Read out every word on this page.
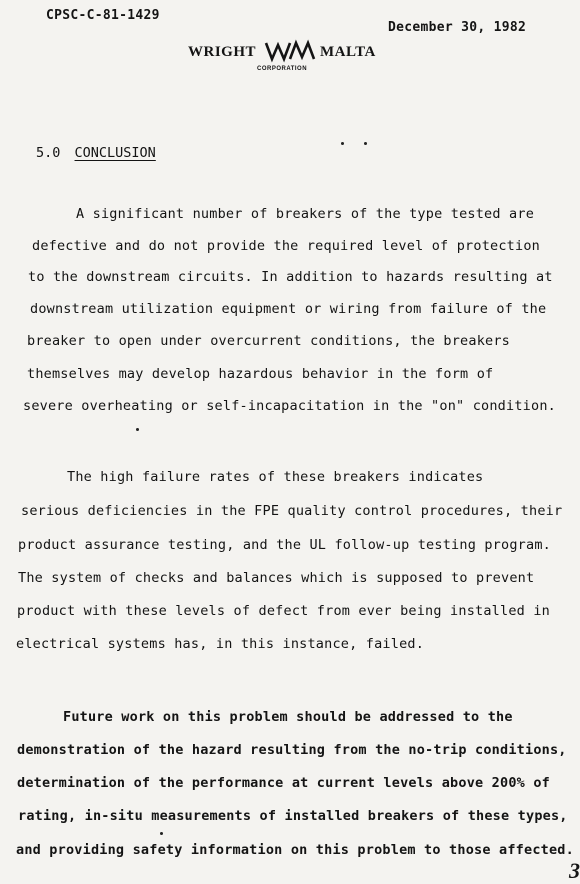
CPSC-C-81-1429
December 30, 1982
WRIGHT	MALTA
CORPORATION
5.0 CONCLUSION
A significant number of breakers of the type tested are
defective and do not provide the required level of protection
to the downstream circuits. In addition to hazards resulting at
downstream utilization equipment or wiring from failure of the
breaker to open under overcurrent conditions, the breakers
themselves may develop hazardous behavior in the form of
severe overheating or self-incapacitation in the "on" condition.
The high failure rates of these breakers indicates
serious deficiencies in the FPE quality control procedures, their
product assurance testing, and the UL follow-up testing program.
The system of checks and balances which is supposed to prevent
product with these levels of defect from ever being installed in
electrical systems has, in this instance, failed.
Future work on this problem should be addressed to the
demonstration of the hazard resulting from the no-trip conditions,
determination of the performance at current levels above 200% of
rating, in-situ measurements of installed breakers of these types,
and providing safety information on this problem to those affected.
3
